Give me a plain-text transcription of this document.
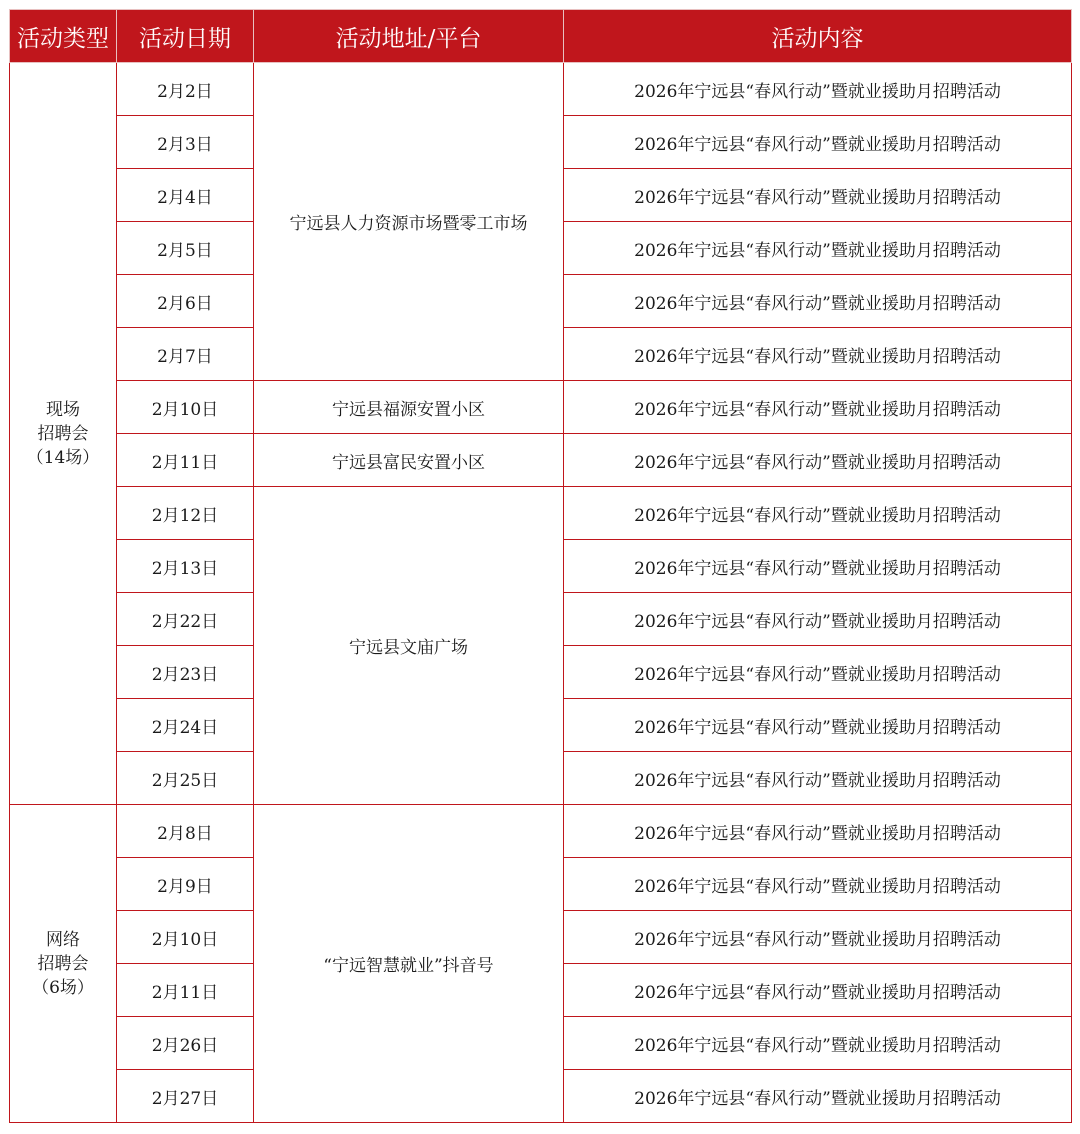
活动类型	活动日期	活动地址/平台	活动内容

现场
招聘会
（14场）	2月2日	宁远县人力资源市场暨零工市场	2026年宁远县“春风行动”暨就业援助月招聘活动
	2月3日		2026年宁远县“春风行动”暨就业援助月招聘活动
	2月4日		2026年宁远县“春风行动”暨就业援助月招聘活动
	2月5日		2026年宁远县“春风行动”暨就业援助月招聘活动
	2月6日		2026年宁远县“春风行动”暨就业援助月招聘活动
	2月7日		2026年宁远县“春风行动”暨就业援助月招聘活动
	2月10日	宁远县福源安置小区	2026年宁远县“春风行动”暨就业援助月招聘活动
	2月11日	宁远县富民安置小区	2026年宁远县“春风行动”暨就业援助月招聘活动
	2月12日	宁远县文庙广场	2026年宁远县“春风行动”暨就业援助月招聘活动
	2月13日		2026年宁远县“春风行动”暨就业援助月招聘活动
	2月22日		2026年宁远县“春风行动”暨就业援助月招聘活动
	2月23日		2026年宁远县“春风行动”暨就业援助月招聘活动
	2月24日		2026年宁远县“春风行动”暨就业援助月招聘活动
	2月25日		2026年宁远县“春风行动”暨就业援助月招聘活动

网络
招聘会
（6场）	2月8日	“宁远智慧就业”抖音号	2026年宁远县“春风行动”暨就业援助月招聘活动
	2月9日		2026年宁远县“春风行动”暨就业援助月招聘活动
	2月10日		2026年宁远县“春风行动”暨就业援助月招聘活动
	2月11日		2026年宁远县“春风行动”暨就业援助月招聘活动
	2月26日		2026年宁远县“春风行动”暨就业援助月招聘活动
	2月27日		2026年宁远县“春风行动”暨就业援助月招聘活动
